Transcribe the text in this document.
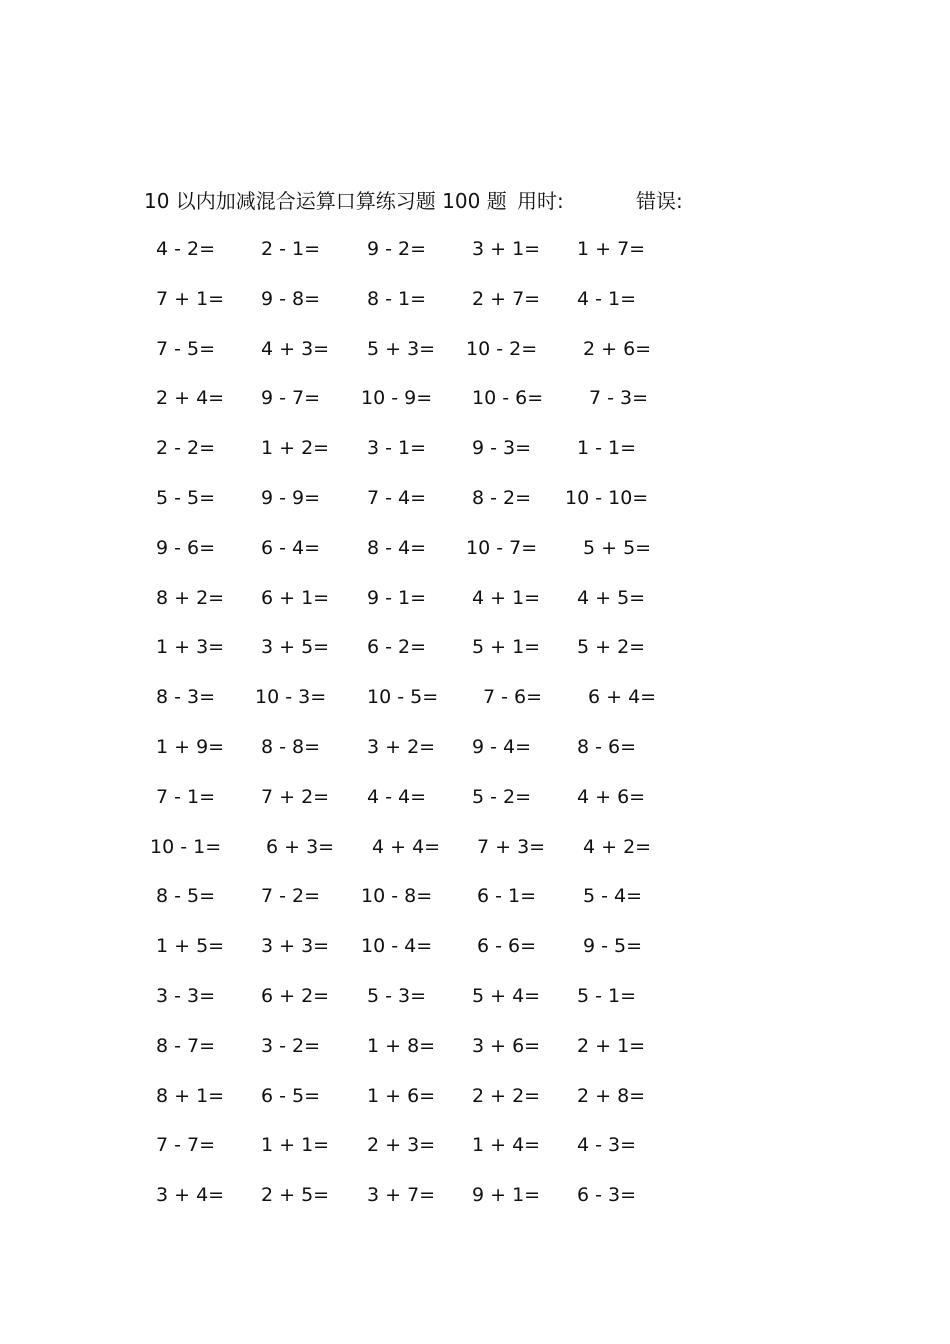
10 以内加减混合运算口算练习题 100 题 用时:	错误:
4 - 2= 2 - 1= 9 - 2= 3 + 1= 1 + 7=
7 + 1= 9 - 8= 8 - 1= 2 + 7= 4 - 1=
7 - 5= 4 + 3= 5 + 3= 10 - 2= 2 + 6=
2 + 4= 9 - 7= 10 - 9= 10 - 6= 7 - 3=
2 - 2= 1 + 2= 3 - 1= 9 - 3= 1 - 1=
5 - 5= 9 - 9= 7 - 4= 8 - 2= 10 - 10=
9 - 6= 6 - 4= 8 - 4= 10 - 7= 5 + 5=
8 + 2= 6 + 1= 9 - 1= 4 + 1= 4 + 5=
1 + 3= 3 + 5= 6 - 2= 5 + 1= 5 + 2=
8 - 3= 10 - 3= 10 - 5= 7 - 6= 6 + 4=
1 + 9= 8 - 8= 3 + 2= 9 - 4= 8 - 6=
7 - 1= 7 + 2= 4 - 4= 5 - 2= 4 + 6=
10 - 1= 6 + 3= 4 + 4= 7 + 3= 4 + 2=
8 - 5= 7 - 2= 10 - 8= 6 - 1= 5 - 4=
1 + 5= 3 + 3= 10 - 4= 6 - 6= 9 - 5=
3 - 3= 6 + 2= 5 - 3= 5 + 4= 5 - 1=
8 - 7= 3 - 2= 1 + 8= 3 + 6= 2 + 1=
8 + 1= 6 - 5= 1 + 6= 2 + 2= 2 + 8=
7 - 7= 1 + 1= 2 + 3= 1 + 4= 4 - 3=
3 + 4= 2 + 5= 3 + 7= 9 + 1= 6 - 3=
